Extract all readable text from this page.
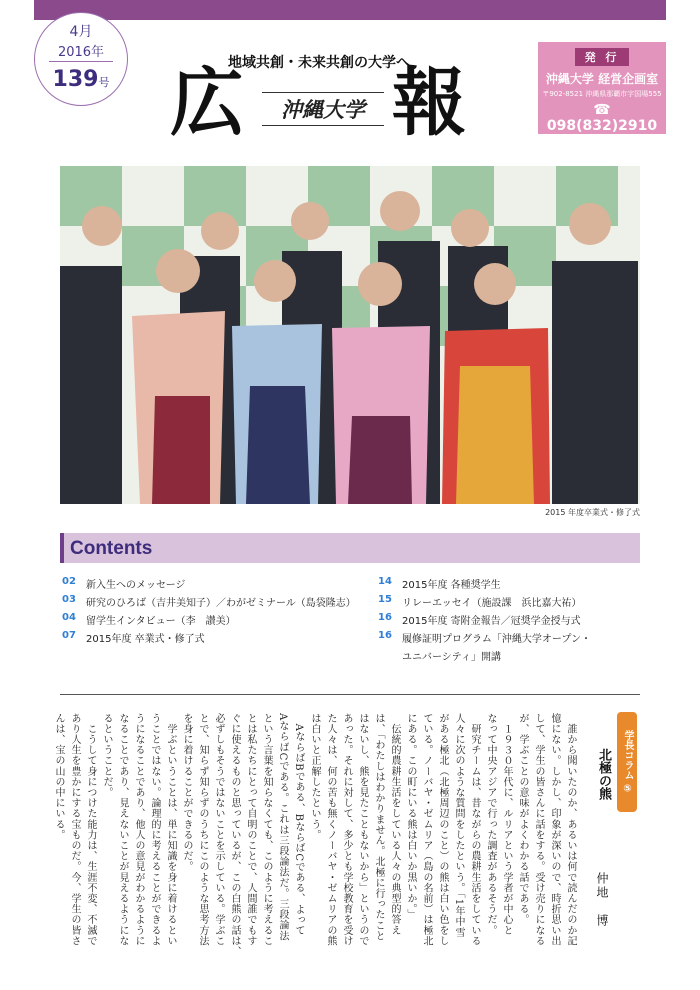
4月
2016年
139号
地域共創・未来共創の大学へ
広	沖縄大学 報
発 行
沖縄大学 経営企画室
〒902-8521 沖縄県那覇市字国場555
☎ 098(832)2910
http://www.okinawa-u.ac.jp
2015 年度卒業式・修了式
Contents
02 新入生へのメッセージ
03 研究のひろば（吉井美知子）／わがゼミナール（島袋隆志）
04 留学生インタビュー（李　讃美）
07 2015年度 卒業式・修了式
14 2015年度 各種奨学生
15 リレーエッセイ（施設課　浜比嘉大祐）
16 2015年度 寄附金報告／冠奨学金授与式
16 履修証明プログラム「沖縄大学オープン・
ユニバーシティ」開講
学長コラム ⑤
北極の熊
仲地　博
　誰から聞いたのか、あるいは何で読んだのか記
憶にない。しかし、印象が深いので、時折思い出
して、学生の皆さんに話をする。受け売りになる
が、学ぶことの意味がよくわかる話である。
　１９３０年代に、ルリアという学者が中心と
なって中央アジアで行った調査があるそうだ。
　研究チームは、昔ながらの農耕生活をしている
人々に次のような質問をしたという。「1年中雪
がある極北（北極周辺のこと）の熊は白い色をし
ている。ノーバヤ・ゼムリア（島の名前）は極北
にある。この町にいる熊は白いか黒いか。」
　伝統的農耕生活をしている人々の典型的答え
は、「わたしはわかりません。北極に行ったこと
はないし、熊を見たこともないから」というので
あった。それに対して、多少とも学校教育を受け
た人々は、何の苦も無くノーバヤ・ゼムリアの熊
は白いと正解したという。
　AならばBである、BならばCである、よって
AならばCである。これは三段論法だ。三段論法
という言葉を知らなくても、このように考えるこ
とは私たちにとって自明のことで、人間誰でもす
ぐに使えるものと思っているが、この白熊の話は、
必ずしもそうではないことを示している。学ぶこ
とで、知らず知らずのうちにこのような思考方法
を身に着けることができるのだ。
　学ぶということは、単に知識を身に着けるとい
うことではない。論理的に考えることができるよ
うになることであり、他人の意見がわかるように
なることであり、見えないことが見えるようにな
るということだ。
　こうして身につけた能力は、生涯不変、不滅で
あり人生を豊かにする宝ものだ。今、学生の皆さ
んは、宝の山の中にいる。
